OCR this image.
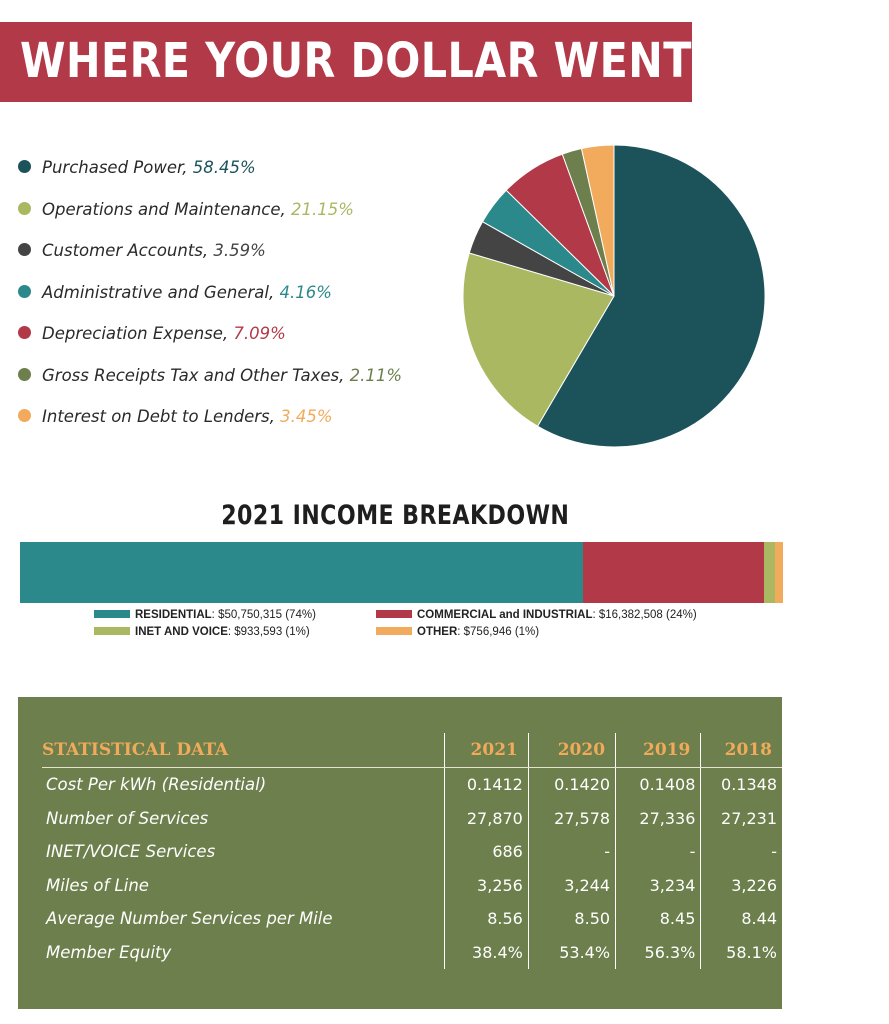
WHERE YOUR DOLLAR WENT IN 2021
Purchased Power, 58.45%
Operations and Maintenance, 21.15%
Customer Accounts, 3.59%
Administrative and General, 4.16%
Depreciation Expense, 7.09%
Gross Receipts Tax and Other Taxes, 2.11%
Interest on Debt to Lenders, 3.45%
2021 INCOME BREAKDOWN
RESIDENTIAL: $50,750,315 (74%)	COMMERCIAL and INDUSTRIAL: $16,382,508 (24%)
INET AND VOICE: $933,593 (1%)	OTHER: $756,946 (1%)
STATISTICAL DATA	2021	2020	2019	2018
Cost Per kWh (Residential)	0.1412	0.1420	0.1408	0.1348
Number of Services	27,870	27,578	27,336	27,231
INET/VOICE Services	686	-	-	-
Miles of Line	3,256	3,244	3,234	3,226
Average Number Services per Mile	8.56	8.50	8.45	8.44
Member Equity	38.4%	53.4%	56.3%	58.1%
